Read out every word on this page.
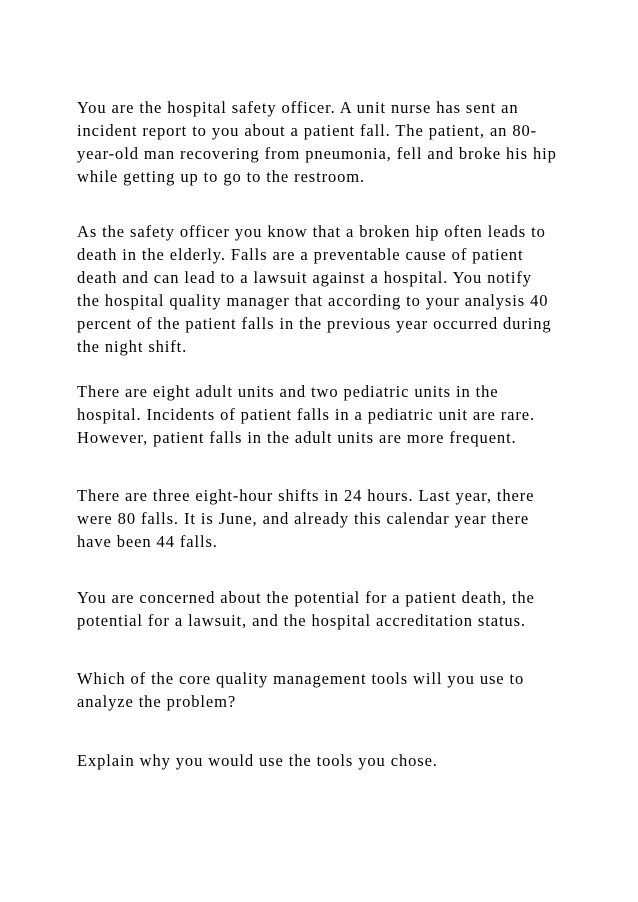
You are the hospital safety officer. A unit nurse has sent an
incident report to you about a patient fall. The patient, an 80-
year-old man recovering from pneumonia, fell and broke his hip
while getting up to go to the restroom.

As the safety officer you know that a broken hip often leads to
death in the elderly. Falls are a preventable cause of patient
death and can lead to a lawsuit against a hospital. You notify
the hospital quality manager that according to your analysis 40
percent of the patient falls in the previous year occurred during
the night shift.

There are eight adult units and two pediatric units in the
hospital. Incidents of patient falls in a pediatric unit are rare.
However, patient falls in the adult units are more frequent.

There are three eight-hour shifts in 24 hours. Last year, there
were 80 falls. It is June, and already this calendar year there
have been 44 falls.

You are concerned about the potential for a patient death, the
potential for a lawsuit, and the hospital accreditation status.

Which of the core quality management tools will you use to
analyze the problem?

Explain why you would use the tools you chose.
